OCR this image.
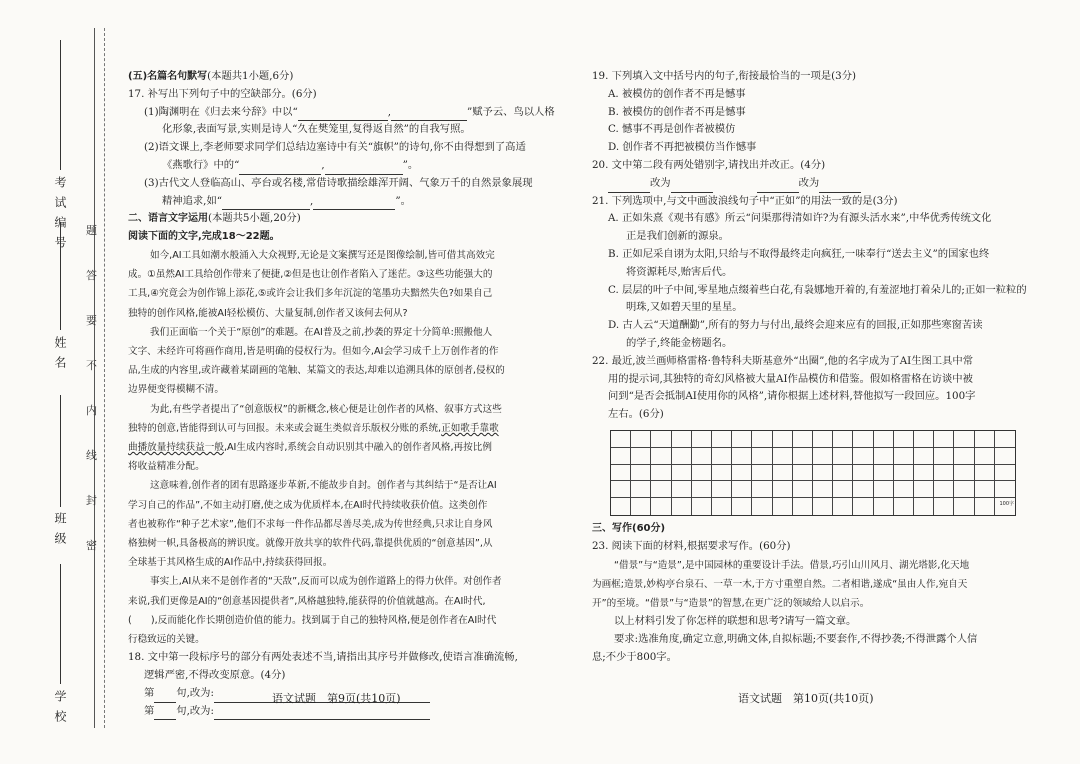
考试编号
姓名
班级
学校
题
答
要
不
内
线
封
密
(五)名篇名句默写(本题共1小题,6分)
17. 补写出下列句子中的空缺部分。(6分)
(1)陶渊明在《归去来兮辞》中以“	,	”赋予云、鸟以人格
化形象,表面写景,实则是诗人“久在樊笼里,复得返自然”的自我写照。
(2)语文课上,李老师要求同学们总结边塞诗中有关“旗帜”的诗句,你不由得想到了高适
《燕歌行》中的“	,	”。
(3)古代文人登临高山、亭台或名楼,常借诗歌描绘雄浑开阔、气象万千的自然景象展现
精神追求,如“	,	”。
二、语言文字运用(本题共5小题,20分)
阅读下面的文字,完成18～22题。
如今,AI工具如潮水般涌入大众视野,无论是文案撰写还是图像绘制,皆可借其高效完
成。①虽然AI工具给创作带来了便捷,②但是也让创作者陷入了迷茫。③这些功能强大的
工具,④究竟会为创作锦上添花,⑤或许会让我们多年沉淀的笔墨功夫黯然失色?如果自己
独特的创作风格,能被AI轻松模仿、大量复制,创作者又该何去何从?
我们正面临一个关于“原创”的难题。在AI普及之前,抄袭的界定十分简单:照搬他人
文字、未经许可将画作商用,皆是明确的侵权行为。但如今,AI会学习成千上万创作者的作
品,生成的内容里,或许藏着某副画的笔触、某篇文的表达,却难以追溯具体的原创者,侵权的
边界便变得模糊不清。
为此,有些学者提出了“创意版权”的新概念,核心便是让创作者的风格、叙事方式这些
独特的创意,皆能得到认可与回报。未来或会诞生类似音乐版权分账的系统,正如歌手靠歌
曲播放量持续获益一般,AI生成内容时,系统会自动识别其中融入的创作者风格,再按比例
将收益精准分配。
这意味着,创作者的团有思路逐步革新,不能故步自封。创作者与其纠结于“是否让AI
学习自己的作品”,不如主动打磨,使之成为优质样本,在AI时代持续收获价值。这类创作
者也被称作“种子艺术家”,他们不求每一件作品都尽善尽美,成为传世经典,只求让自身风
格独树一帜,具备极高的辨识度。就像开放共享的软件代码,靠提供优质的“创意基因”,从
全球基于其风格生成的AI作品中,持续获得回报。
事实上,AI从来不是创作者的“天敌”,反而可以成为创作道路上的得力伙伴。对创作者
来说,我们更像是AI的“创意基因提供者”,风格越独特,能获得的价值就越高。在AI时代,
(　　),反而能化作长期创造价值的能力。找到属于自己的独特风格,便是创作者在AI时代
行稳致远的关键。
18. 文中第一段标序号的部分有两处表述不当,请指出其序号并做修改,使语言准确流畅,
逻辑严密,不得改变原意。(4分)
第 句,改为:
第 句,改为:
语文试题　第9页(共10页)
19. 下列填入文中括号内的句子,衔接最恰当的一项是(3分)
A. 被模仿的创作者不再是憾事
B. 被模仿的创作者不再是憾事
C. 憾事不再是创作者被模仿
D. 创作者不再把被模仿当作憾事
20. 文中第二段有两处错别字,请找出并改正。(4分)
改为	改为
21. 下列选项中,与文中画波浪线句子中“正如”的用法一致的是(3分)
A. 正如朱熹《观书有感》所云“问渠那得清如许?为有源头活水来”,中华优秀传统文化
正是我们创新的源泉。
B. 正如尼采自诩为太阳,只给与不取得最终走向疯狂,一味奉行“送去主义”的国家也终
将资源耗尽,贻害后代。
C. 层层的叶子中间,零星地点缀着些白花,有袅娜地开着的,有羞涩地打着朵儿的;正如一粒粒的
明珠,又如碧天里的星星。
D. 古人云“天道酬勤”,所有的努力与付出,最终会迎来应有的回报,正如那些寒窗苦读
的学子,终能金榜题名。
22. 最近,波兰画师格雷格·鲁特科夫斯基意外“出圈”,他的名字成为了AI生图工具中常
用的提示词,其独特的奇幻风格被大量AI作品模仿和借鉴。假如格雷格在访谈中被
问到“是否会抵制AI使用你的风格”,请你根据上述材料,替他拟写一段回应。100字
左右。(6分)
100字
三、写作(60分)
23. 阅读下面的材料,根据要求写作。(60分)
“借景”与“造景”,是中国园林的重要设计手法。借景,巧引山川风月、湖光塔影,化天地
为画框;造景,妙构亭台泉石、一草一木,于方寸重塑自然。二者相谐,遂成“虽由人作,宛自天
开”的至境。“借景”与“造景”的智慧,在更广泛的领域给人以启示。
以上材料引发了你怎样的联想和思考?请写一篇文章。
要求:选准角度,确定立意,明确文体,自拟标题;不要套作,不得抄袭;不得泄露个人信
息;不少于800字。
语文试题　第10页(共10页)
